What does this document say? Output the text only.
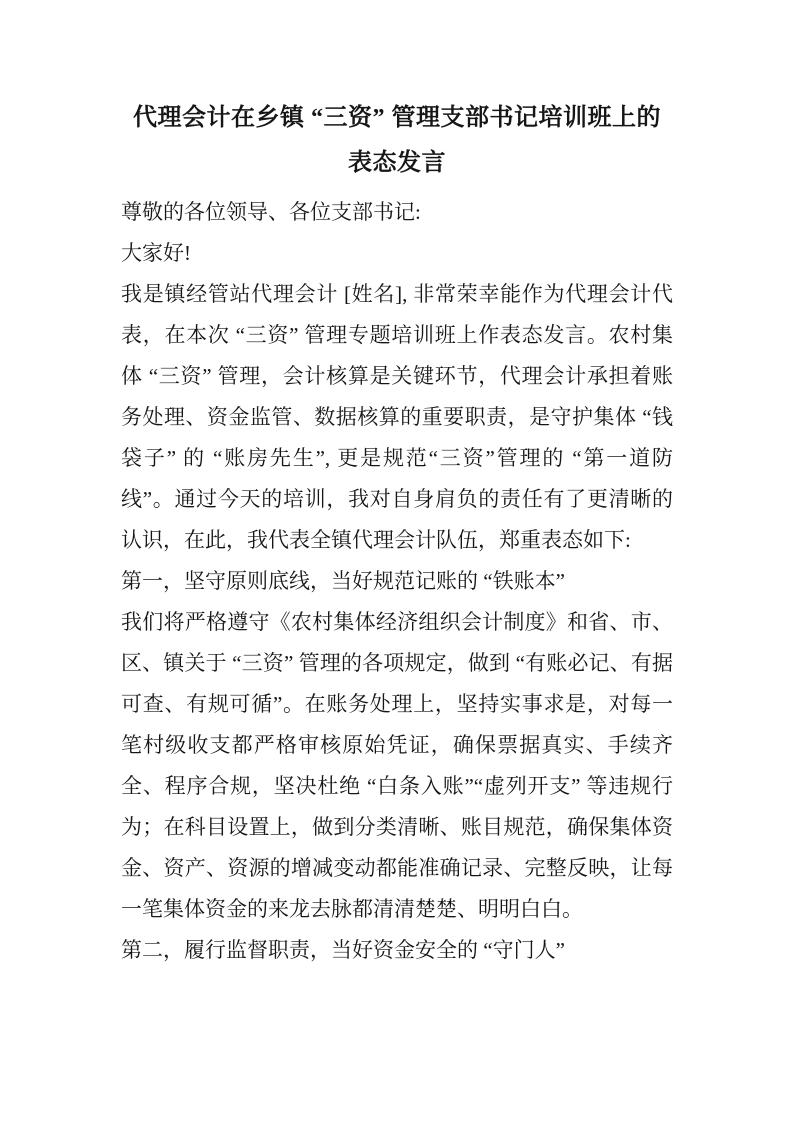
代理会计在乡镇 “三资” 管理支部书记培训班上的
表态发言

尊敬的各位领导、各位支部书记:

大家好!

我是镇经管站代理会计 [姓名], 非常荣幸能作为代理会计代表，在本次 “三资” 管理专题培训班上作表态发言。农村集体 “三资” 管理，会计核算是关键环节，代理会计承担着账务处理、资金监管、数据核算的重要职责，是守护集体 “钱袋子” 的 “账房先生”, 更是规范“三资”管理的 “第一道防线”。通过今天的培训，我对自身肩负的责任有了更清晰的认识，在此，我代表全镇代理会计队伍，郑重表态如下:

第一，坚守原则底线，当好规范记账的 “铁账本”

我们将严格遵守《农村集体经济组织会计制度》和省、市、区、镇关于 “三资” 管理的各项规定，做到 “有账必记、有据可查、有规可循”。在账务处理上，坚持实事求是，对每一笔村级收支都严格审核原始凭证，确保票据真实、手续齐全、程序合规，坚决杜绝 “白条入账”“虚列开支” 等违规行为；在科目设置上，做到分类清晰、账目规范，确保集体资金、资产、资源的增减变动都能准确记录、完整反映，让每一笔集体资金的来龙去脉都清清楚楚、明明白白。

第二，履行监督职责，当好资金安全的 “守门人”
